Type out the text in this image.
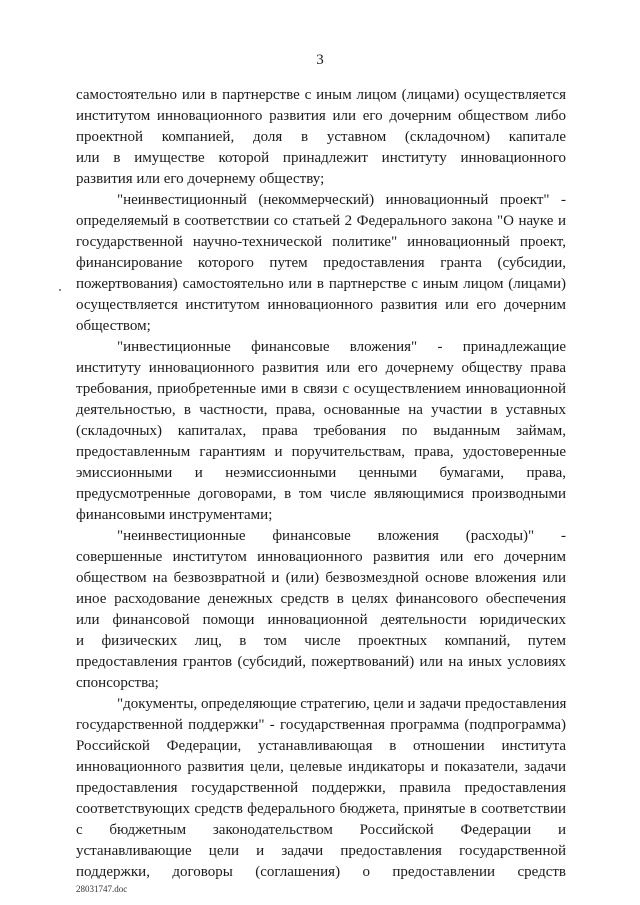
3
самостоятельно или в партнерстве с иным лицом (лицами) осуществляется
институтом инновационного развития или его дочерним обществом либо
проектной компанией, доля в уставном (складочном) капитале
или в имуществе которой принадлежит институту инновационного
развития или его дочернему обществу;
"неинвестиционный (некоммерческий) инновационный проект" -
определяемый в соответствии со статьей 2 Федерального закона "О науке и
государственной научно-технической политике" инновационный проект,
финансирование которого путем предоставления гранта (субсидии,
пожертвования) самостоятельно или в партнерстве с иным лицом (лицами)
осуществляется институтом инновационного развития или его дочерним
обществом;
"инвестиционные финансовые вложения" - принадлежащие
институту инновационного развития или его дочернему обществу права
требования, приобретенные ими в связи с осуществлением инновационной
деятельностью, в частности, права, основанные на участии в уставных
(складочных) капиталах, права требования по выданным займам,
предоставленным гарантиям и поручительствам, права, удостоверенные
эмиссионными и неэмиссионными ценными бумагами, права,
предусмотренные договорами, в том числе являющимися производными
финансовыми инструментами;
"неинвестиционные финансовые вложения (расходы)" -
совершенные институтом инновационного развития или его дочерним
обществом на безвозвратной и (или) безвозмездной основе вложения или
иное расходование денежных средств в целях финансового обеспечения
или финансовой помощи инновационной деятельности юридических
и физических лиц, в том числе проектных компаний, путем
предоставления грантов (субсидий, пожертвований) или на иных условиях
спонсорства;
"документы, определяющие стратегию, цели и задачи предоставления
государственной поддержки" - государственная программа (подпрограмма)
Российской Федерации, устанавливающая в отношении института
инновационного развития цели, целевые индикаторы и показатели, задачи
предоставления государственной поддержки, правила предоставления
соответствующих средств федерального бюджета, принятые в соответствии
с бюджетным законодательством Российской Федерации и
устанавливающие цели и задачи предоставления государственной
поддержки, договоры (соглашения) о предоставлении средств
28031747.doc
